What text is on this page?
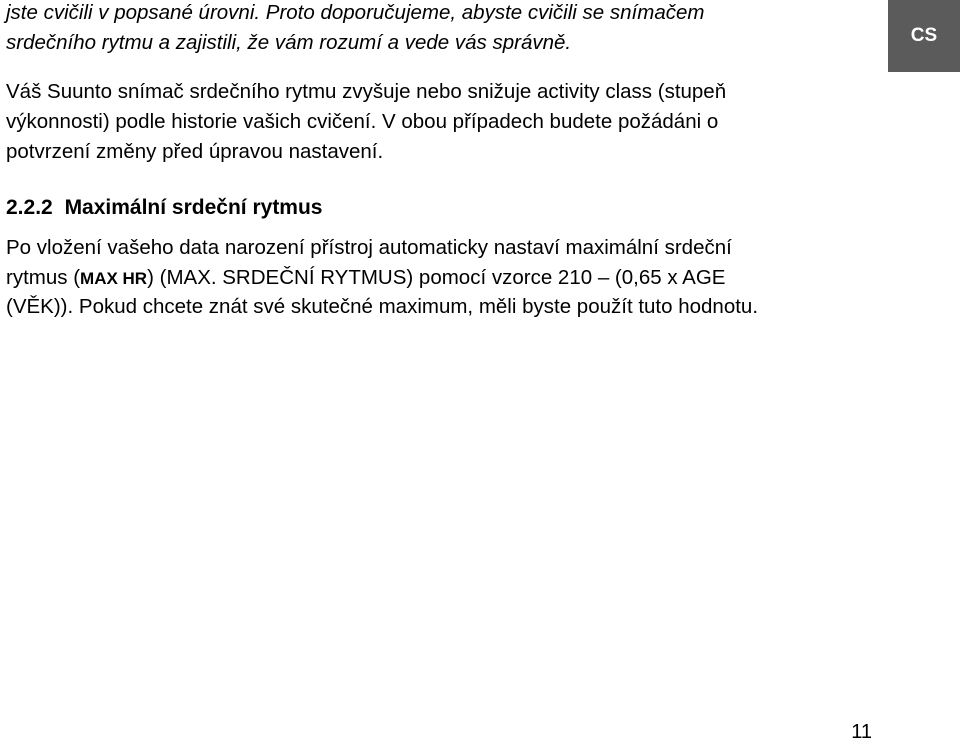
jste cvičili v popsané úrovni. Proto doporučujeme, abyste cvičili se snímačem
srdečního rytmu a zajistili, že vám rozumí a vede vás správně.	CS
Váš Suunto snímač srdečního rytmu zvyšuje nebo snižuje activity class (stupeň
výkonnosti) podle historie vašich cvičení. V obou případech budete požádáni o
potvrzení změny před úpravou nastavení.
2.2.2 Maximální srdeční rytmus
Po vložení vašeho data narození přístroj automaticky nastaví maximální srdeční
rytmus (MAX HR) (MAX. SRDEČNÍ RYTMUS) pomocí vzorce 210 – (0,65 x AGE
(VĚK)). Pokud chcete znát své skutečné maximum, měli byste použít tuto hodnotu.
11
